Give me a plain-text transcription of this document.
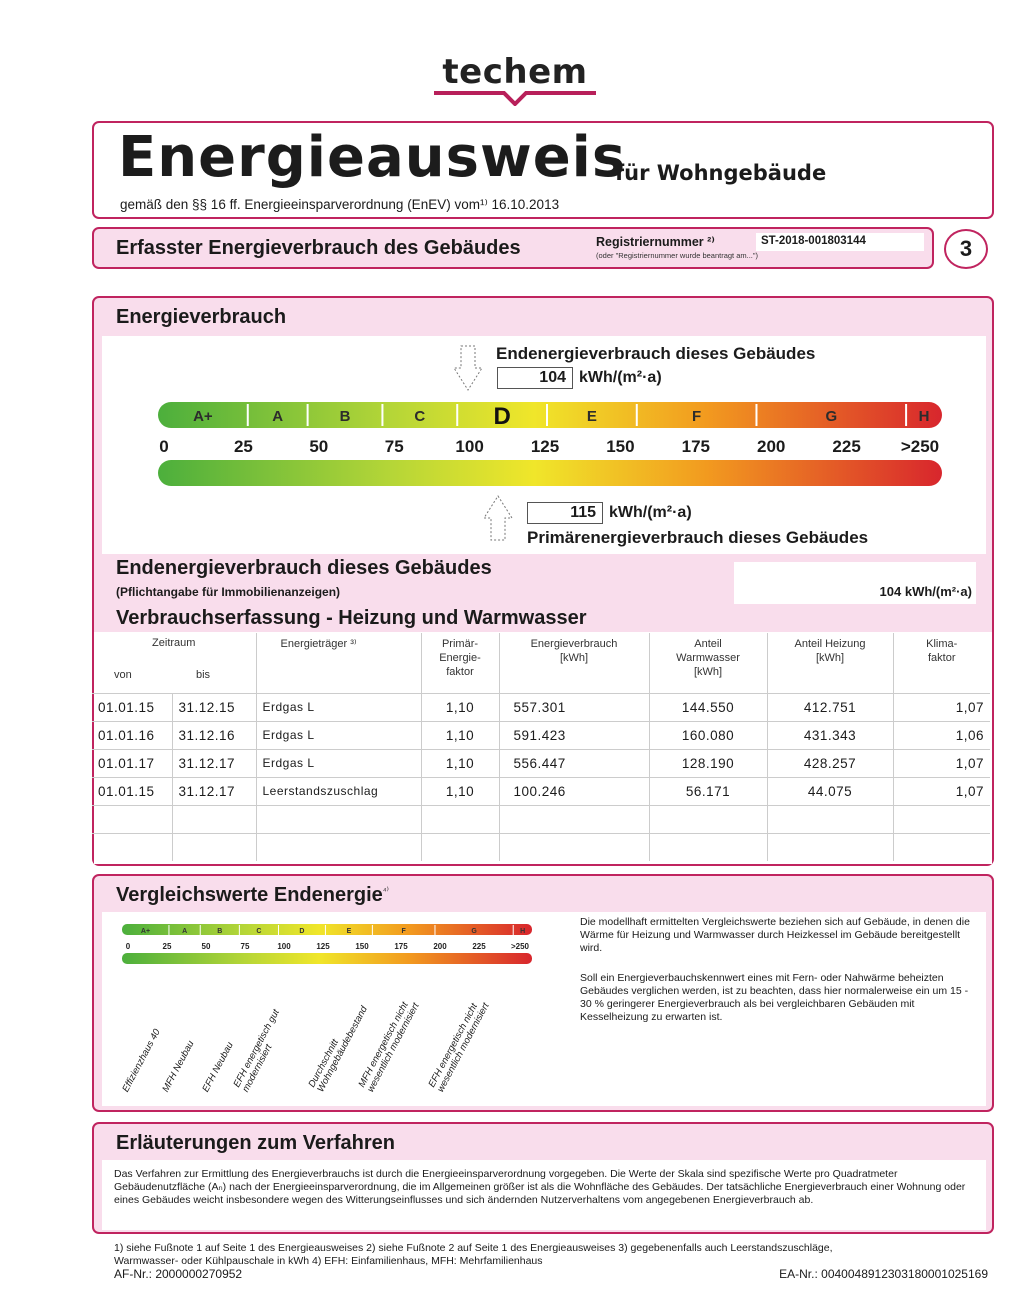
techem
Energieausweis
für Wohngebäude
gemäß den §§ 16 ff. Energieeinsparverordnung (EnEV) vom¹⁾ 16.10.2013
Erfasster Energieverbrauch des Gebäudes	Registriernummer ²⁾
(oder "Registriernummer wurde beantragt am...")
ST-2018-001803144	3
Energieverbrauch
Endenergieverbrauch dieses Gebäudes
104 kWh/(m²·a)
A+	A	B	C	D	E	F	G	H
0	25	50	75	100	125	150	175	200	225 >250
115 kWh/(m²·a)
Primärenergieverbrauch dieses Gebäudes
Endenergieverbrauch dieses Gebäudes
(Pflichtangabe für Immobilienanzeigen)	104 kWh/(m²·a)
Verbrauchserfassung - Heizung und Warmwasser
Zeitraum
von bis		Energieträger ³⁾	Primär-
Energie-
faktor	Energieverbrauch
[kWh]	Anteil
Warmwasser
[kWh]	Anteil Heizung
[kWh]	Klima-
faktor
01.01.15	31.12.15	Erdgas L	1,10	557.301	144.550	412.751	1,07
01.01.16	31.12.16	Erdgas L	1,10	591.423	160.080	431.343	1,06
01.01.17	31.12.17	Erdgas L	1,10	556.447	128.190	428.257	1,07
01.01.15	31.12.17	Leerstandszuschlag	1,10	100.246	56.171	44.075	1,07

Vergleichswerte Endenergie$^{^{4)}}$
A+	A	B	C	D	E	F	G	H
0	25	50	75	100	125	150	175	200	225	>250
Effizienzhaus 40
MFH Neubau EFH Neubau
EFH energetisch gut modernisiert	Durchschnitt Wohngebäudebestand
MFH energetisch nicht wesentlich modernisiert EFH energetisch nicht wesentlich modernisiert
Die modellhaft ermittelten Vergleichswerte beziehen sich auf Gebäude, in denen die Wärme für Heizung und Warmwasser durch Heizkessel im Gebäude bereitgestellt wird.
Soll ein Energieverbauchskennwert eines mit Fern- oder Nahwärme beheizten Gebäudes verglichen werden, ist zu beachten, dass hier normalerweise ein um 15 - 30 % geringerer Energieverbrauch als bei vergleichbaren Gebäuden mit Kesselheizung zu erwarten ist.
Erläuterungen zum Verfahren
Das Verfahren zur Ermittlung des Energieverbrauchs ist durch die Energieeinsparverordnung vorgegeben. Die Werte der Skala sind spezifische Werte pro Quadratmeter Gebäudenutzfläche (Aₙ) nach der Energieeinsparverordnung, die im Allgemeinen größer ist als die Wohnfläche des Gebäudes. Der tatsächliche Energieverbrauch einer Wohnung oder eines Gebäudes weicht insbesondere wegen des Witterungseinflusses und sich ändernden Nutzerverhaltens vom angegebenen Energieverbrauch ab.
1) siehe Fußnote 1 auf Seite 1 des Energieausweises 2) siehe Fußnote 2 auf Seite 1 des Energieausweises 3) gegebenenfalls auch Leerstandszuschläge, Warmwasser- oder Kühlpauschale in kWh 4) EFH: Einfamilienhaus, MFH: Mehrfamilienhaus
AF-Nr.: 2000000270952	EA-Nr.: 0040048912303180001025169
